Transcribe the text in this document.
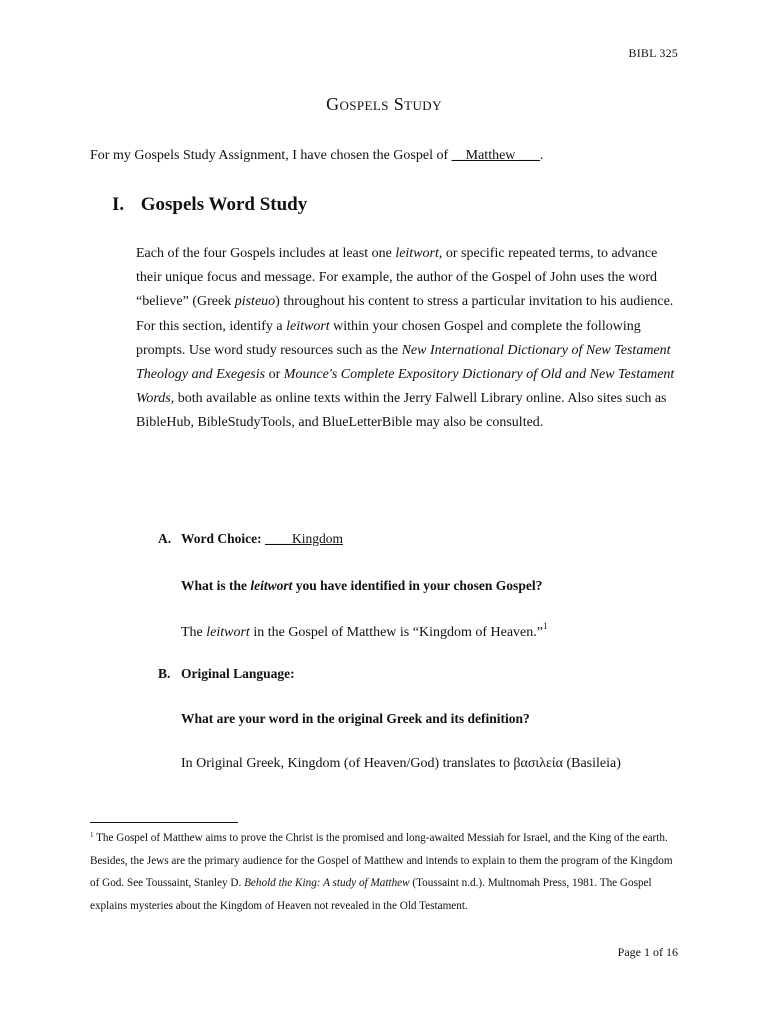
BIBL 325
Gospels Study
For my Gospels Study Assignment, I have chosen the Gospel of __Matthew ___.
I. Gospels Word Study
Each of the four Gospels includes at least one leitwort, or specific repeated terms, to advance their unique focus and message. For example, the author of the Gospel of John uses the word “believe” (Greek pisteuo) throughout his content to stress a particular invitation to his audience. For this section, identify a leitwort within your chosen Gospel and complete the following prompts. Use word study resources such as the New International Dictionary of New Testament Theology and Exegesis or Mounce's Complete Expository Dictionary of Old and New Testament Words, both available as online texts within the Jerry Falwell Library online. Also sites such as BibleHub, BibleStudyTools, and BlueLetterBible may also be consulted.
A. Word Choice: ____Kingdom
What is the leitwort you have identified in your chosen Gospel?
The leitwort in the Gospel of Matthew is “Kingdom of Heaven.”$^1$
B. Original Language:
What are your word in the original Greek and its definition?
In Original Greek, Kingdom (of Heaven/God) translates to βασιλεία (Basileia)
$^1$ The Gospel of Matthew aims to prove the Christ is the promised and long-awaited Messiah for Israel, and the King of the earth. Besides, the Jews are the primary audience for the Gospel of Matthew and intends to explain to them the program of the Kingdom of God. See Toussaint, Stanley D. Behold the King: A study of Matthew (Toussaint n.d.). Multnomah Press, 1981. The Gospel explains mysteries about the Kingdom of Heaven not revealed in the Old Testament.
Page 1 of 16
